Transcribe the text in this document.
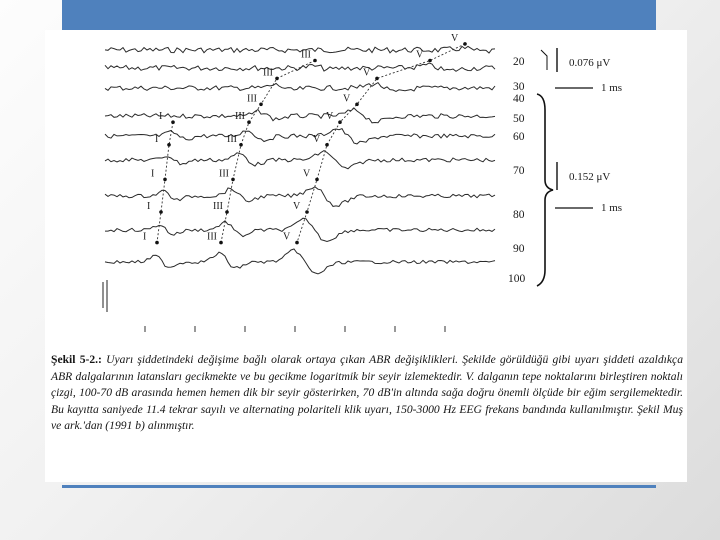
V
V
V
V
V
V
V
V
V
III
III
III
III
III
III
III
III
I
I
I
I
I
20
30
40
50
60
70
80
90
100
0.076 μV
1 ms
0.152 μV
1 ms
Şekil 5-2.: Uyarı şiddetindeki değişime bağlı olarak ortaya çıkan ABR değişiklikleri. Şekilde görüldüğü gibi uyarı şiddeti azaldıkça ABR dalgalarının latansları gecikmekte ve bu gecikme logaritmik bir seyir izlemektedir. V. dalganın tepe noktalarını birleştiren noktalı çizgi, 100-70 dB arasında hemen hemen dik bir seyir gösterirken, 70 dB'in altında sağa doğru önemli ölçüde bir eğim sergilemektedir. Bu kayıtta saniyede 11.4 tekrar sayılı ve alternating polariteli klik uyarı, 150-3000 Hz EEG frekans bandında kullanılmıştır. Şekil Muş ve ark.'dan (1991 b) alınmıştır.
